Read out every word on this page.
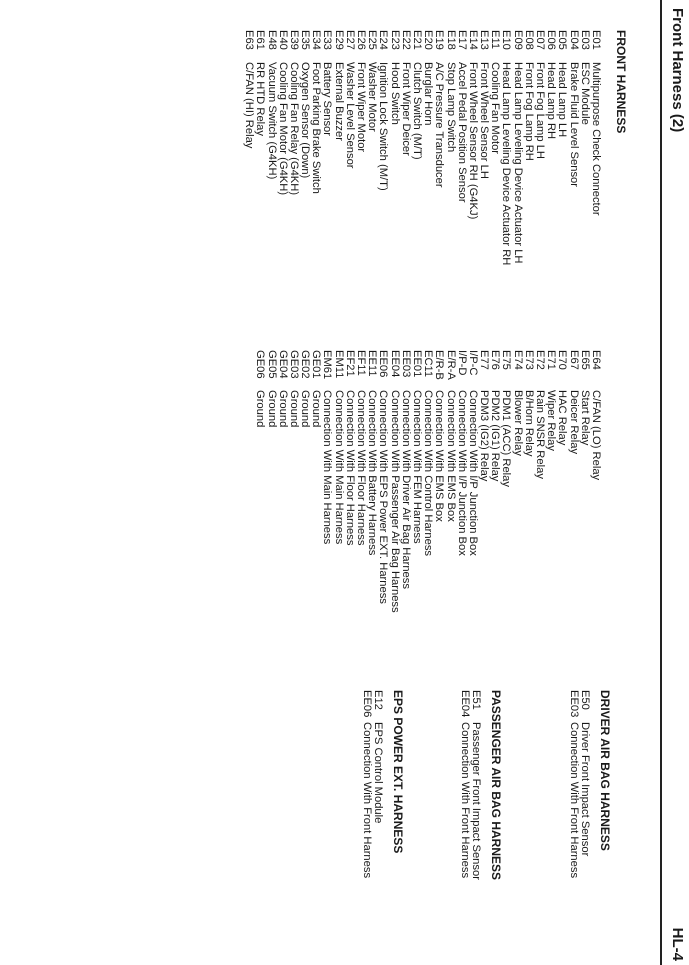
Front Harness (2)
HL-4
FRONT HARNESS
E01
Multipurpose Check Connector
E03
ESC Module
E04
Brake Fluid Level Sensor
E05
Head Lamp LH
E06
Head Lamp RH
E07
Front Fog Lamp LH
E08
Front Fog Lamp RH
E09
Head Lamp Leveling Device Actuator LH
E10
Head Lamp Leveling Device Actuator RH
E11
Cooling Fan Motor
E13
Front Wheel Sensor LH
E14
Front Wheel Sensor RH (G4KJ)
E17
Accel Pedal Position Sensor
E18
Stop Lamp Switch
E19
A/C Pressure Transducer
E20
Burglar Horn
E21
Clutch Switch (M/T)
E22
Front Wiper Deicer
E23
Hood Switch
E24
Ignition Lock Switch (M/T)
E25
Washer Motor
E26
Front Wiper Motor
E27
Washer Level Sensor
E29
External Buzzer
E33
Battery Sensor
E34
Foot Parking Brake Switch
E35
Oxygen Sensor (Down)
E39
Cooling Fan Relay (G4KH)
E40
Cooling Fan Motor (G4KH)
E48
Vacuum Switch (G4KH)
E61
RR HTD Relay
E63
C/FAN (HI) Relay
E64
C/FAN (LO) Relay
E65
Start Relay
E67
Deicer Relay
E70
HAC Relay
E71
Wiper Relay
E72
Rain SNSR Relay
E73
B/Horn Relay
E74
Blower Relay
E75
PDM1 (ACC) Relay
E76
PDM2 (IG1) Relay
E77
PDM3 (IG2) Relay
I/P-C
Connection With I/P Junction Box
I/P-D
Connection With I/P Junction Box
E/R-A
Connection With EMS Box
E/R-B
Connection With EMS Box
EC11
Connection With Control Harness
EE01
Connection With FEM Harness
EE03
Connection With Driver Air Bag Harness
EE04
Connection With Passenger Air Bag Harness
EE06
Connection With EPS Power EXT. Harness
EE11
Connection With Battery Harness
EF11
Connection With Floor Harness
EF21
Connection With Floor Harness
EM11
Connection With Main Harness
EM61
Connection With Main Harness
GE01
Ground
GE02
Ground
GE03
Ground
GE04
Ground
GE05
Ground
GE06
Ground
DRIVER AIR BAG HARNESS
E50
Driver Front Impact Sensor
EE03
Connection With Front Harness
PASSENGER AIR BAG HARNESS
E51
Passenger Front Impact Sensor
EE04
Connection With Front Harness
EPS POWER EXT. HARNESS
E12
EPS Control Module
EE06
Connection With Front Harness
